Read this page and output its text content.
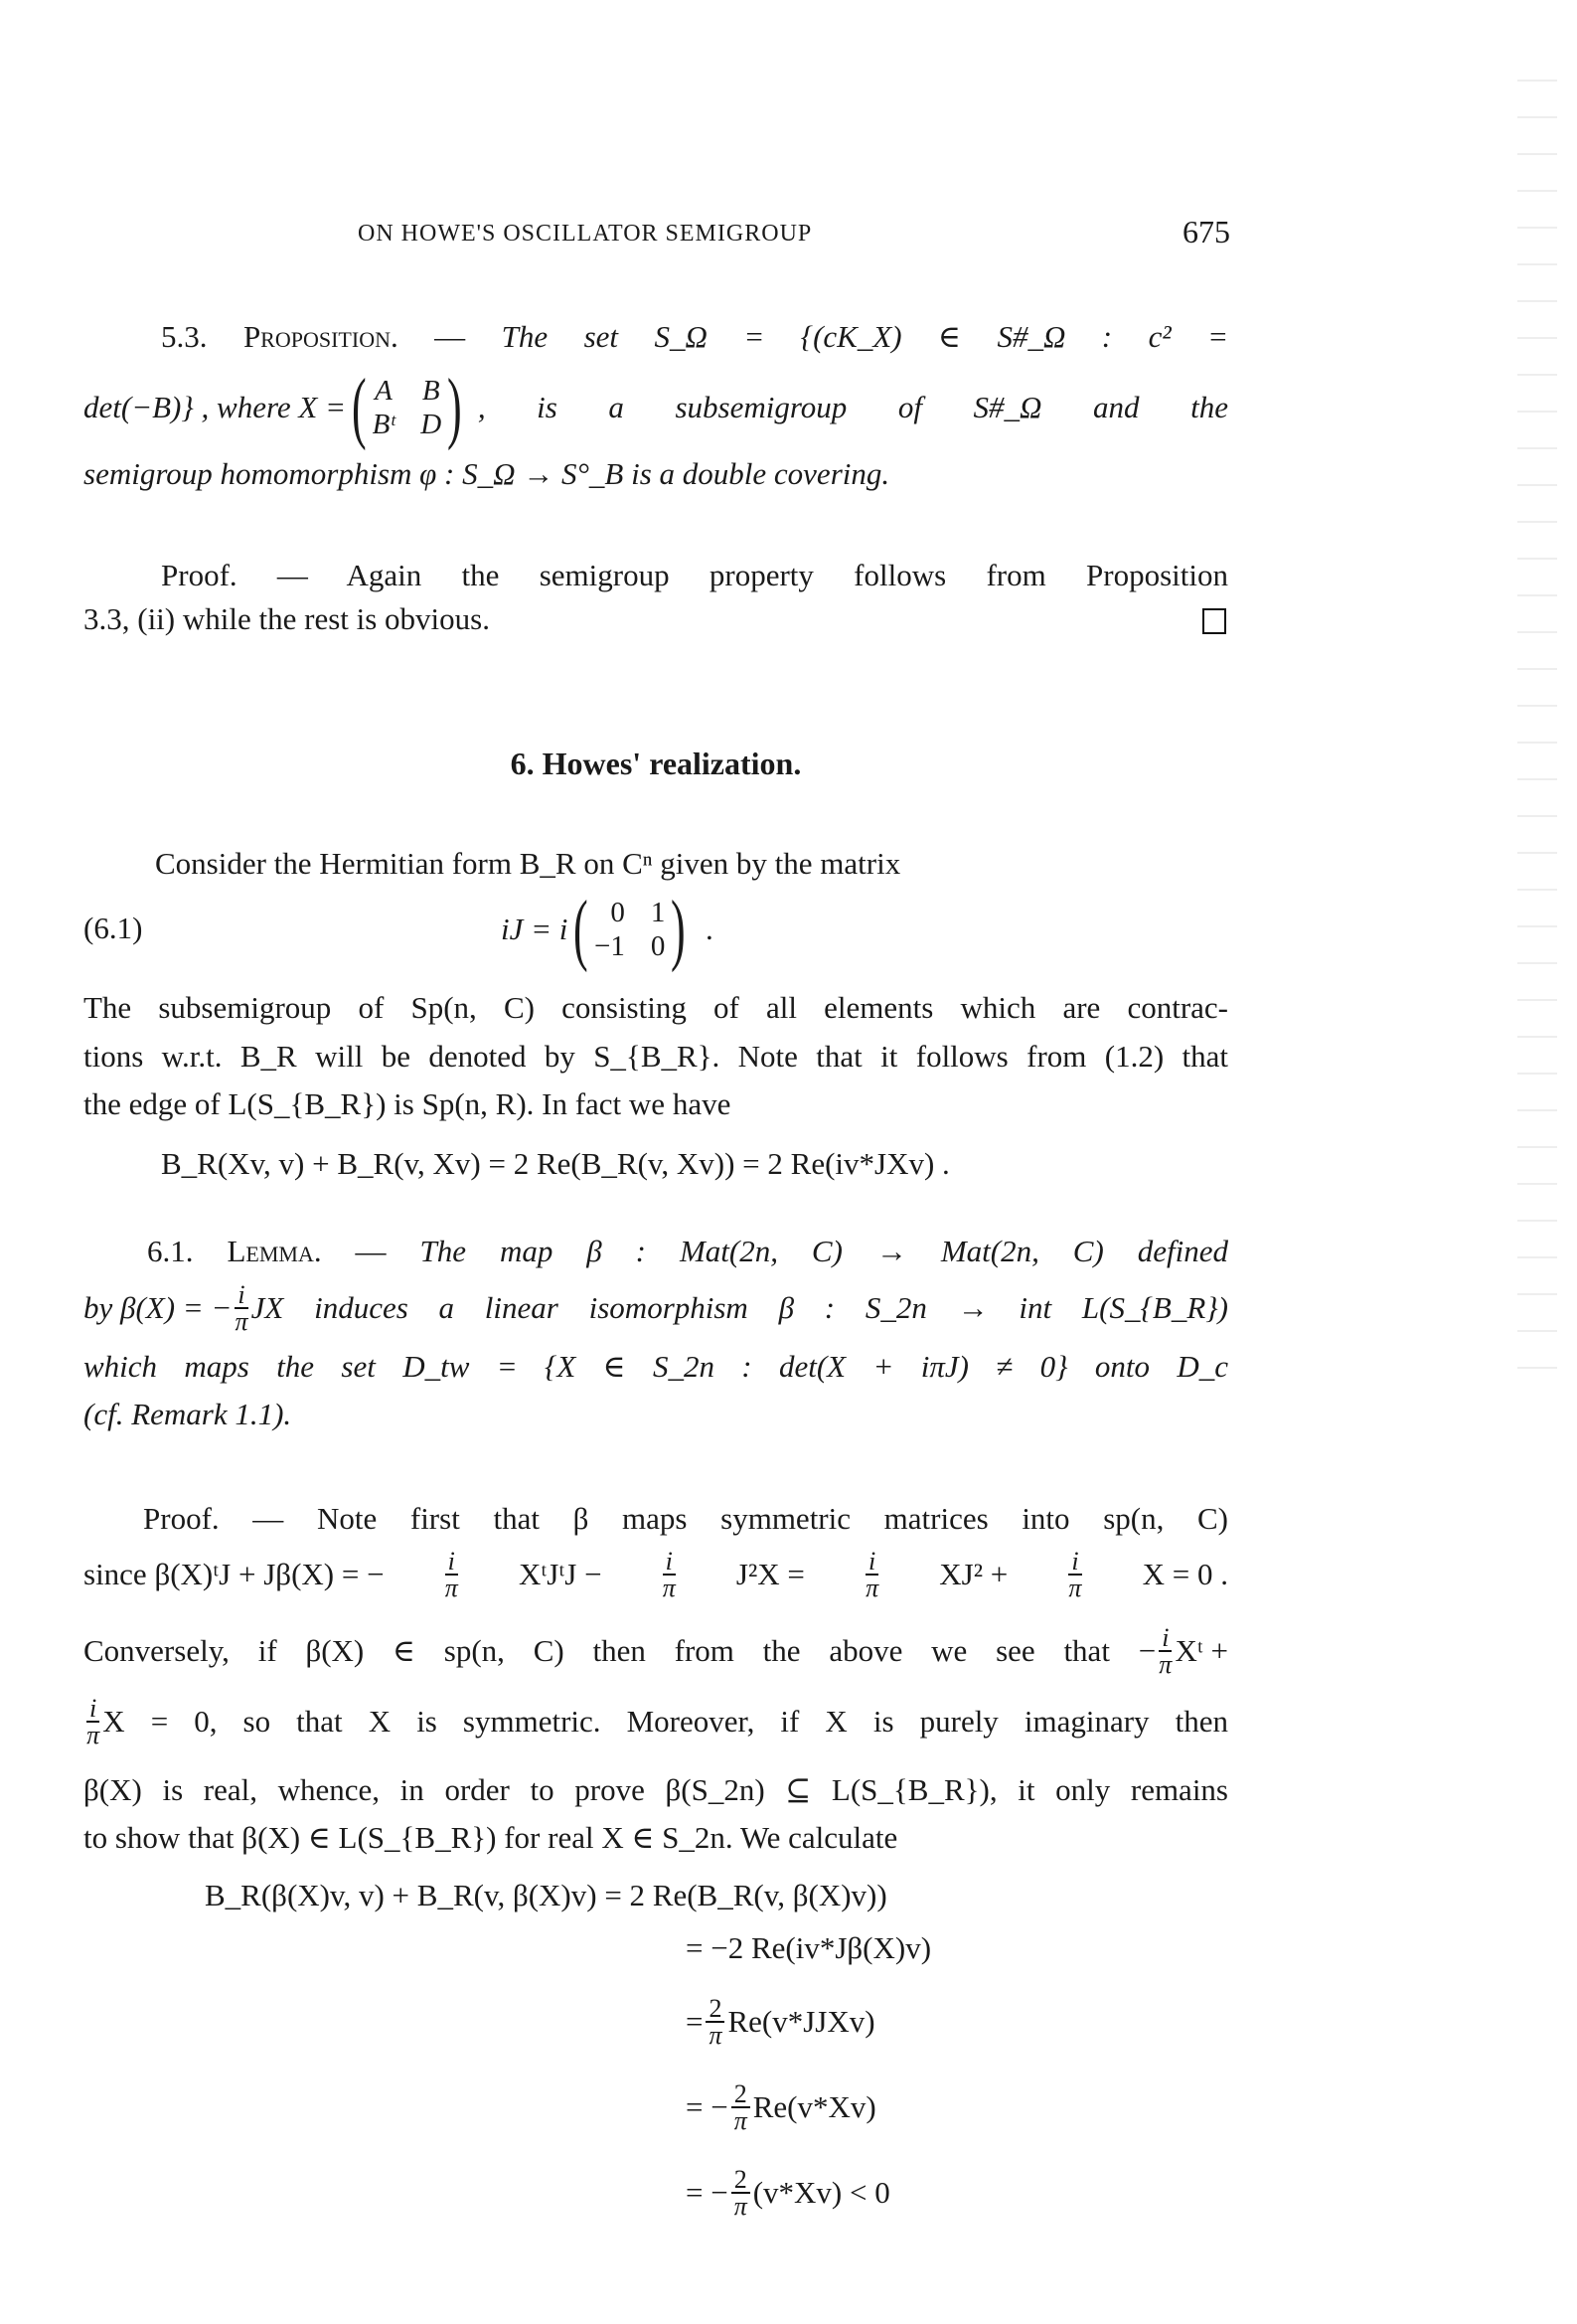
ON HOWE'S OSCILLATOR SEMIGROUP	675
5.3. Proposition. — The set S_Ω = {(cK_X) ∈ S#_Ω : c² =
det(−B)} , where X = ( A B
Bᵗ D ) , is a subsemigroup of S#_Ω and the
semigroup homomorphism φ : S_Ω → S°_B is a double covering.
Proof. — Again the semigroup property follows from Proposition
3.3, (ii) while the rest is obvious.
6. Howes' realization.
Consider the Hermitian form B_R on Cⁿ given by the matrix
(6.1)	iJ = i ( 0 1
−1 0 ) .
The subsemigroup of Sp(n, C) consisting of all elements which are contrac-
tions w.r.t. B_R will be denoted by S_{B_R}. Note that it follows from (1.2) that
the edge of L(S_{B_R}) is Sp(n, R). In fact we have
B_R(Xv, v) + B_R(v, Xv) = 2 Re(B_R(v, Xv)) = 2 Re(iv*JXv) .
6.1. Lemma. — The map β : Mat(2n, C) → Mat(2n, C) defined
by β(X) = − $\frac{i}{\pi}$ JX induces a linear isomorphism β : S_2n → int L(S_{B_R})
which maps the set D_tw = {X ∈ S_2n : det(X + iπJ) ≠ 0} onto D_c
(cf. Remark 1.1).
Proof. — Note first that β maps symmetric matrices into sp(n, C)
since β(X)ᵗJ + Jβ(X) = − $\frac{i}{\pi}$ XᵗJᵗJ − $\frac{i}{\pi} J^2X = \frac{i}{\pi} XJ^2 + \frac{i}{\pi}$ X = 0 .
Conversely, if β(X) ∈ sp(n, C) then from the above we see that − $\frac{i}{\pi}$ Xᵗ +
$\frac{i}{\pi}$ X = 0, so that X is symmetric. Moreover, if X is purely imaginary then
β(X) is real, whence, in order to prove β(S_2n) ⊆ L(S_{B_R}), it only remains
to show that β(X) ∈ L(S_{B_R}) for real X ∈ S_2n. We calculate
B_R(β(X)v, v) + B_R(v, β(X)v) = 2 Re(B_R(v, β(X)v))
= −2 Re(iv*Jβ(X)v)
= $\frac{2}{\pi}$ Re(v*JJXv)
= − $\frac{2}{\pi} Re(v*Xv)$
= − $\frac{2}{\pi} (v*Xv) < 0$
